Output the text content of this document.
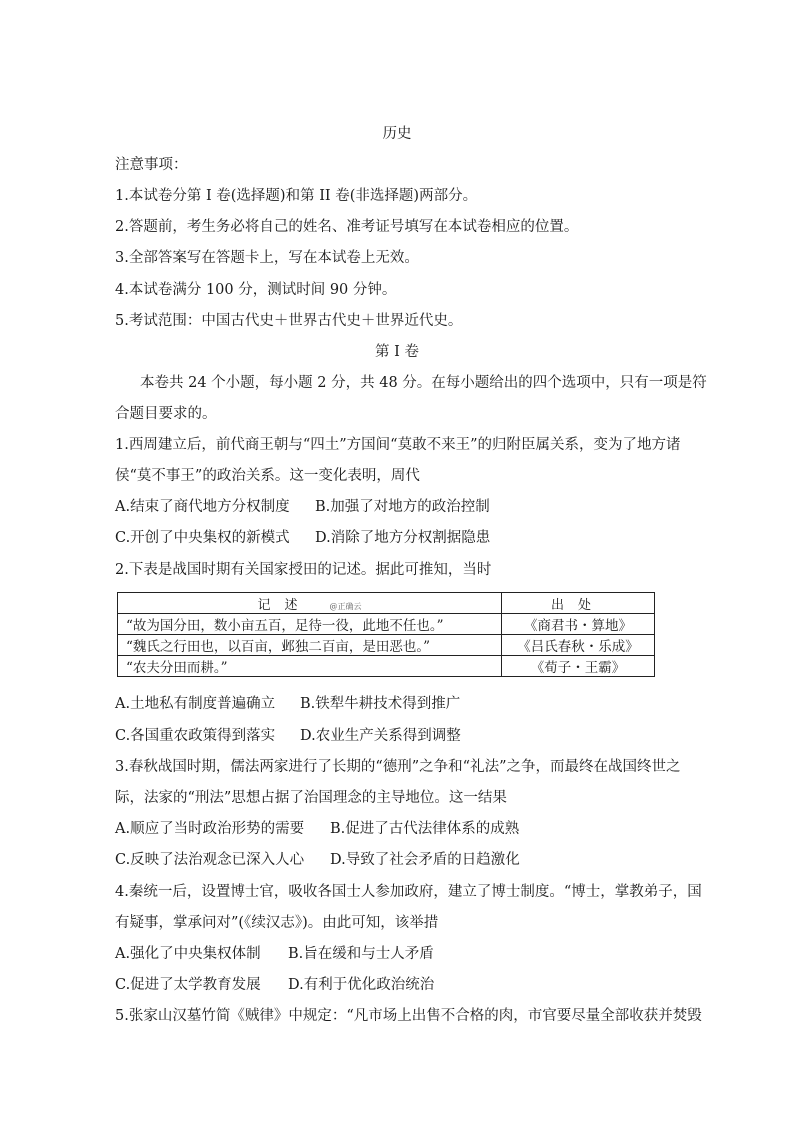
历史
注意事项：
1.本试卷分第 I 卷(选择题)和第 II 卷(非选择题)两部分。
2.答题前，考生务必将自己的姓名、准考证号填写在本试卷相应的位置。
3.全部答案写在答题卡上，写在本试卷上无效。
4.本试卷满分 100 分，测试时间 90 分钟。
5.考试范围：中国古代史＋世界古代史＋世界近代史。
第 I 卷
本卷共 24 个小题，每小题 2 分，共 48 分。在每小题给出的四个选项中，只有一项是符
合题目要求的。
1.西周建立后，前代商王朝与“四土”方国间“莫敢不来王”的归附臣属关系，变为了地方诸
侯“莫不事王”的政治关系。这一变化表明，周代
A.结束了商代地方分权制度 B.加强了对地方的政治控制
C.开创了中央集权的新模式 D.消除了地方分权割据隐患
2.下表是战国时期有关国家授田的记述。据此可推知，当时
记述 @正确云	出处
“故为国分田，数小亩五百，足待一役，此地不任也。”	《商君书・算地》
“魏氏之行田也，以百亩，邺独二百亩，是田恶也。”	《吕氏春秋・乐成》
“农夫分田而耕。”	《荀子・王霸》
A.土地私有制度普遍确立 B.铁犁牛耕技术得到推广
C.各国重农政策得到落实 D.农业生产关系得到调整
3.春秋战国时期，儒法两家进行了长期的“德刑”之争和“礼法”之争，而最终在战国终世之
际，法家的“刑法”思想占据了治国理念的主导地位。这一结果
A.顺应了当时政治形势的需要 B.促进了古代法律体系的成熟
C.反映了法治观念已深入人心 D.导致了社会矛盾的日趋激化
4.秦统一后，设置博士官，吸收各国士人参加政府，建立了博士制度。“博士，掌教弟子，国
有疑事，掌承问对”(《续汉志》)。由此可知，该举措
A.强化了中央集权体制 B.旨在缓和与士人矛盾
C.促进了太学教育发展 D.有利于优化政治统治
5.张家山汉墓竹简《贼律》中规定：“凡市场上出售不合格的肉，市官要尽量全部收获并焚毁
